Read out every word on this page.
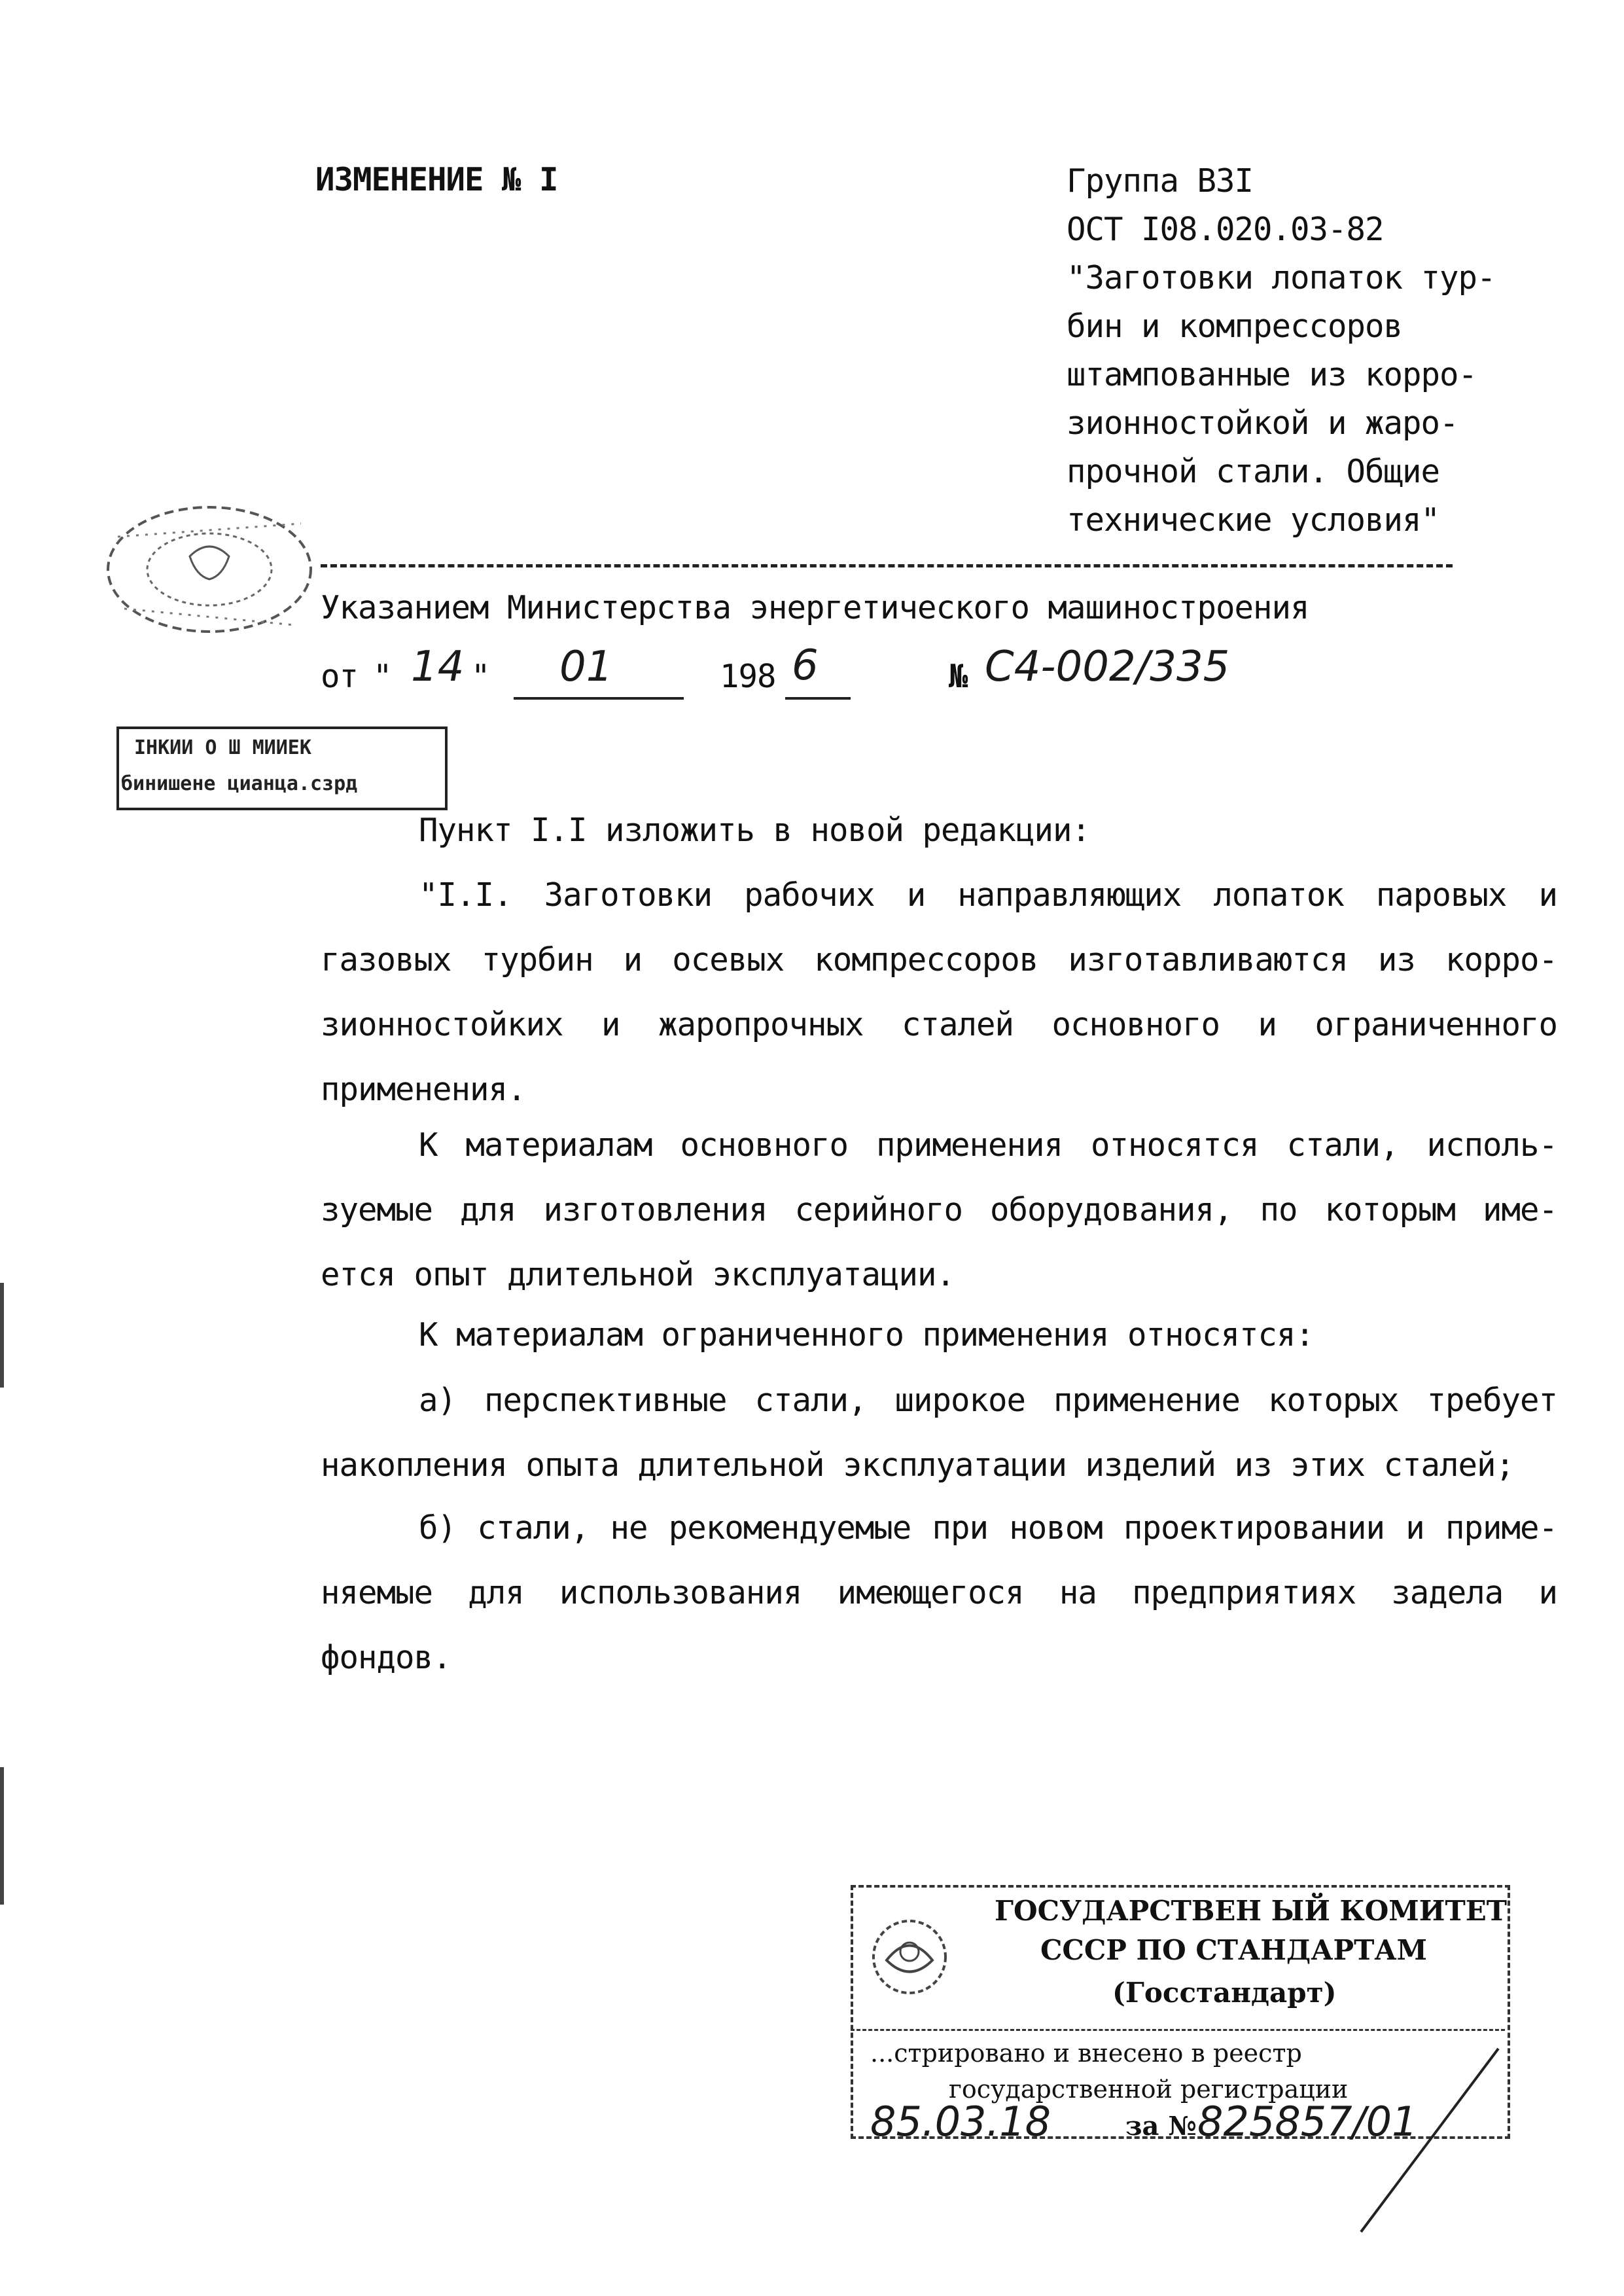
ИЗМЕНЕНИЕ № I	Группа ВЗI
ОСТ I08.020.03-82
"Заготовки лопаток тур-
бин и компрессоров
штампованные из корро-
зионностойкой и жаро-
прочной стали. Общие
технические условия"
Указанием Министерства энергетического машиностроения
от " 14 " 01	198 6	№ С4-002/335
ІНКИИ О Ш МИИЕК
бинишене цианца.сзрд
Пункт I.I изложить в новой редакции:
"I.I. Заготовки рабочих и направляющих лопаток паровых и газовых турбин и осевых компрессоров изготавливаются из корро-зионностойких и жаропрочных сталей основного и ограниченного применения.
К материалам основного применения относятся стали, исполь-зуемые для изготовления серийного оборудования, по которым име-ется опыт длительной эксплуатации.
К материалам ограниченного применения относятся:
а) перспективные стали, широкое применение которых требует накопления опыта длительной эксплуатации изделий из этих сталей;
б) стали, не рекомендуемые при новом проектировании и приме-няемые для использования имеющегося на предприятиях задела и фондов.
ГОСУДАРСТВЕН ЫЙ КОМИТЕТ
СССР ПО СТАНДАРТАМ
(Госстандарт)
...стрировано и внесено в реестр
государственной регистрации
85.03.18	за № 825857/01
